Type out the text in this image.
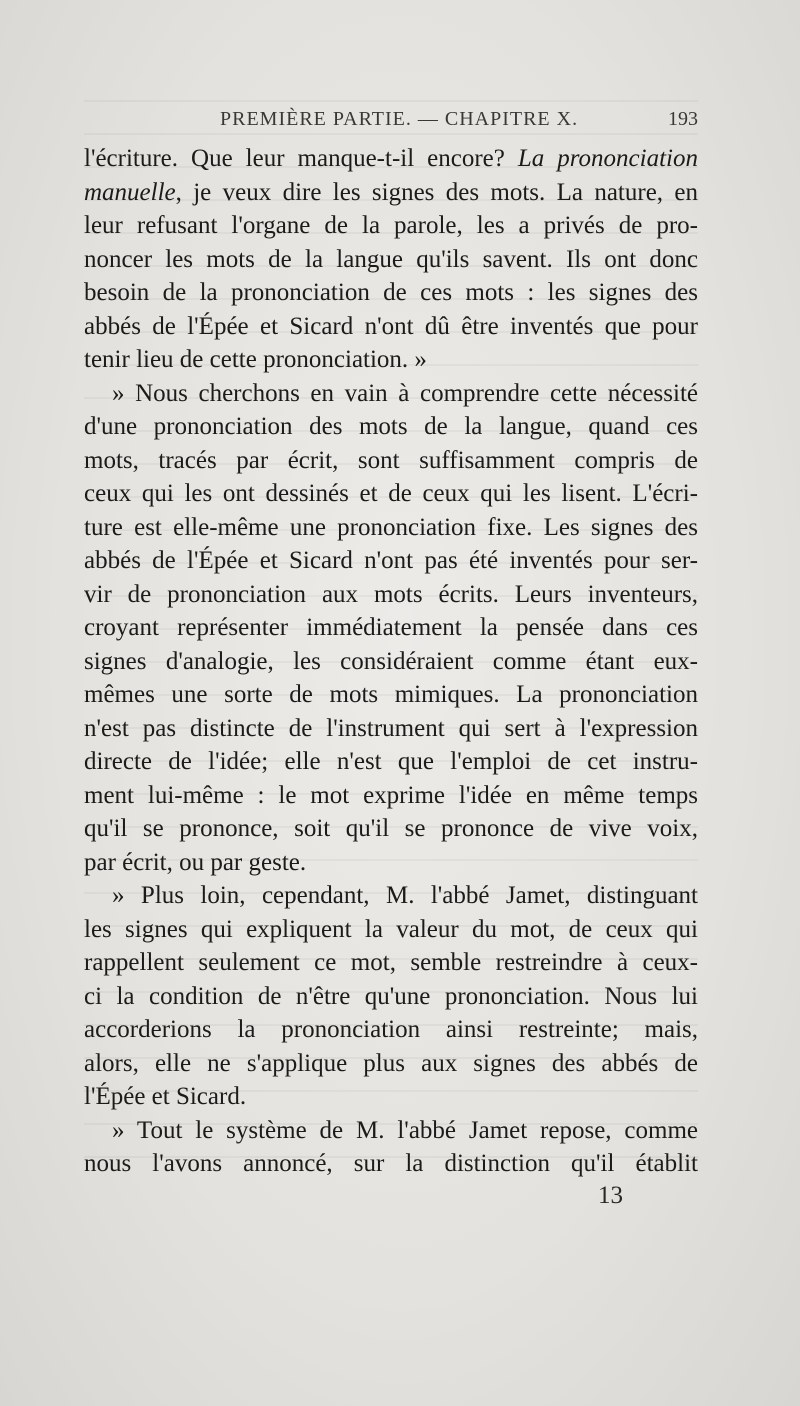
PREMIÈRE PARTIE. — CHAPITRE X.	193
l'écriture. Que leur manque-t-il encore? La prononciation
manuelle, je veux dire les signes des mots. La nature, en
leur refusant l'organe de la parole, les a privés de pro-
noncer les mots de la langue qu'ils savent. Ils ont donc
besoin de la prononciation de ces mots : les signes des
abbés de l'Épée et Sicard n'ont dû être inventés que pour
tenir lieu de cette prononciation. »
» Nous cherchons en vain à comprendre cette nécessité
d'une prononciation des mots de la langue, quand ces
mots, tracés par écrit, sont suffisamment compris de
ceux qui les ont dessinés et de ceux qui les lisent. L'écri-
ture est elle-même une prononciation fixe. Les signes des
abbés de l'Épée et Sicard n'ont pas été inventés pour ser-
vir de prononciation aux mots écrits. Leurs inventeurs,
croyant représenter immédiatement la pensée dans ces
signes d'analogie, les considéraient comme étant eux-
mêmes une sorte de mots mimiques. La prononciation
n'est pas distincte de l'instrument qui sert à l'expression
directe de l'idée; elle n'est que l'emploi de cet instru-
ment lui-même : le mot exprime l'idée en même temps
qu'il se prononce, soit qu'il se prononce de vive voix,
par écrit, ou par geste.
» Plus loin, cependant, M. l'abbé Jamet, distinguant
les signes qui expliquent la valeur du mot, de ceux qui
rappellent seulement ce mot, semble restreindre à ceux-
ci la condition de n'être qu'une prononciation. Nous lui
accorderions la prononciation ainsi restreinte; mais,
alors, elle ne s'applique plus aux signes des abbés de
l'Épée et Sicard.
» Tout le système de M. l'abbé Jamet repose, comme
nous l'avons annoncé, sur la distinction qu'il établit
13
